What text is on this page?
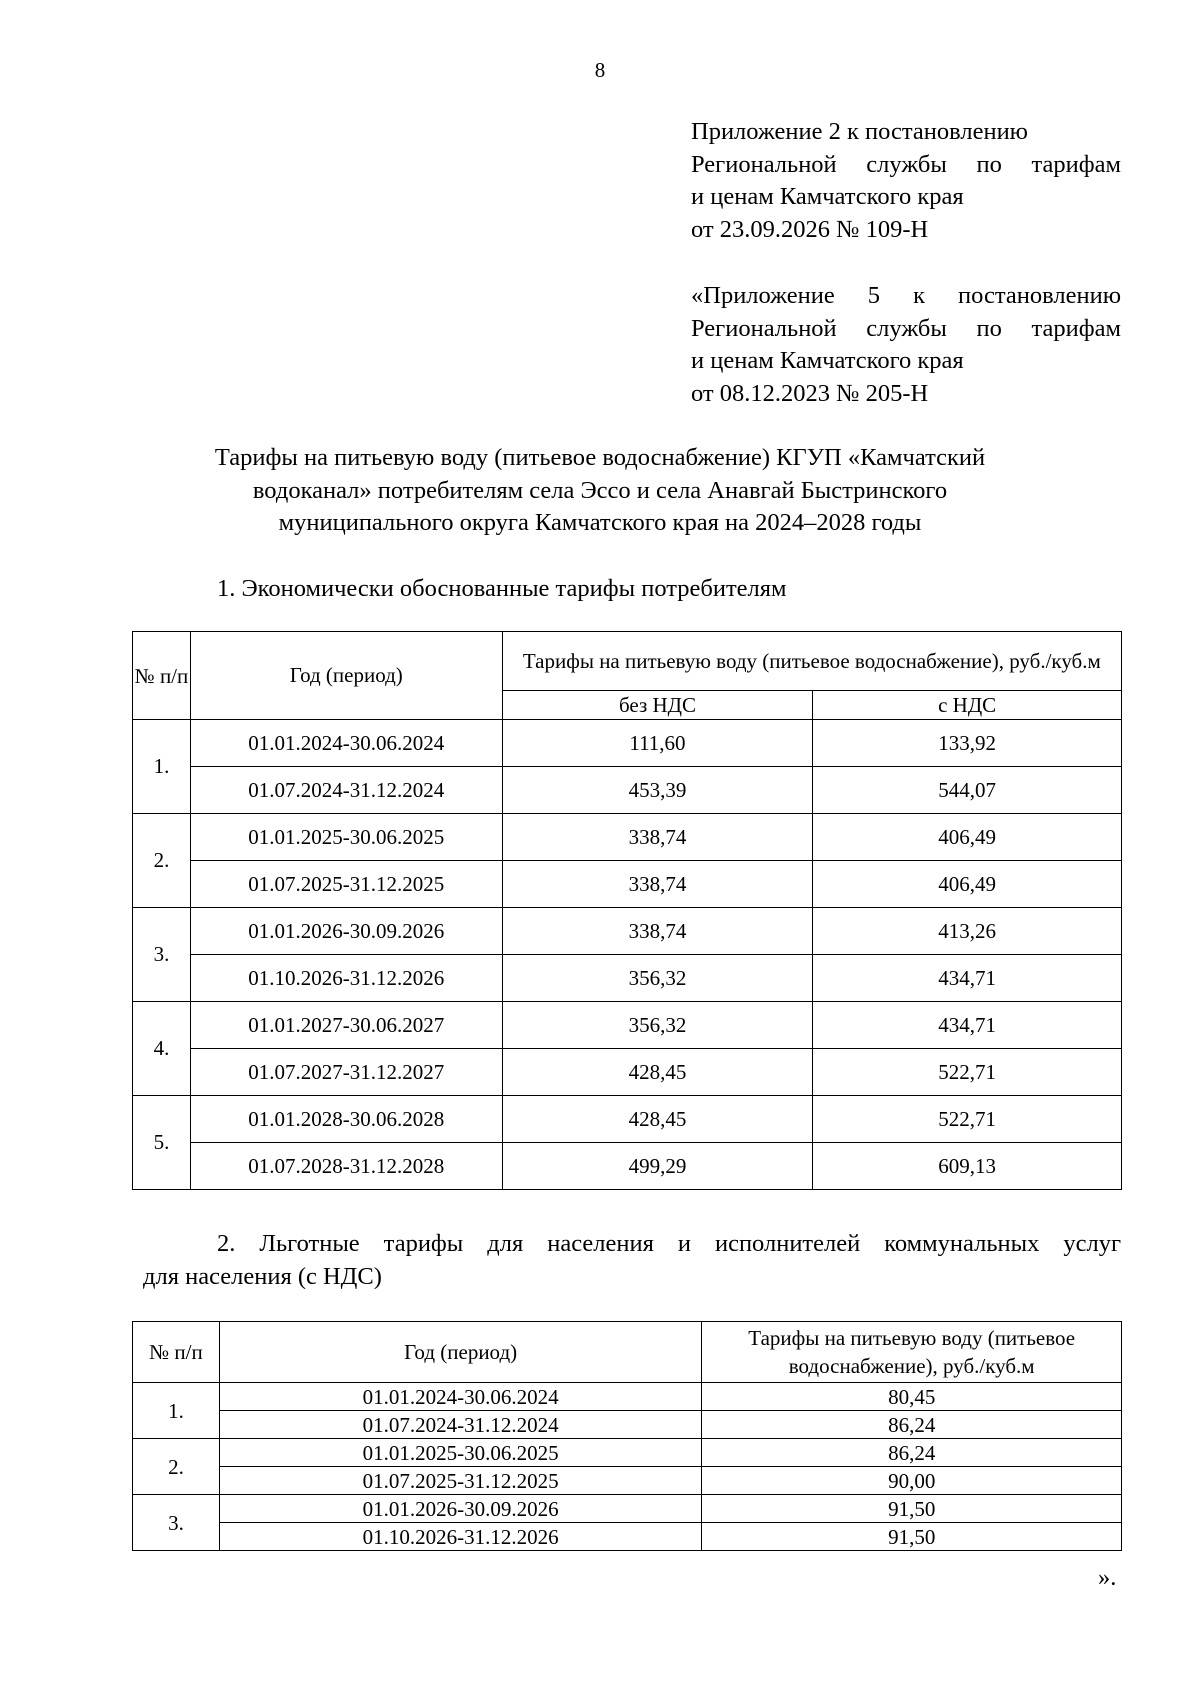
8
Приложение 2 к постановлению
Региональной службы по тарифам
и ценам Камчатского края
от 23.09.2026 № 109-Н
«Приложение 5 к постановлению
Региональной службы по тарифам
и ценам Камчатского края
от 08.12.2023 № 205-Н
Тарифы на питьевую воду (питьевое водоснабжение) КГУП «Камчатский
водоканал» потребителям села Эссо и села Анавгай Быстринского
муниципального округа Камчатского края на 2024–2028 годы
1. Экономически обоснованные тарифы потребителям
№ п/п	Год (период)	Тарифы на питьевую воду (питьевое водоснабжение), руб./куб.м	
		без НДС	с НДС
1.	01.01.2024-30.06.2024	111,60	133,92
	01.07.2024-31.12.2024	453,39	544,07
2.	01.01.2025-30.06.2025	338,74	406,49
	01.07.2025-31.12.2025	338,74	406,49
3.	01.01.2026-30.09.2026	338,74	413,26
	01.10.2026-31.12.2026	356,32	434,71
4.	01.01.2027-30.06.2027	356,32	434,71
	01.07.2027-31.12.2027	428,45	522,71
5.	01.01.2028-30.06.2028	428,45	522,71
	01.07.2028-31.12.2028	499,29	609,13
2. Льготные тарифы для населения и исполнителей коммунальных услуг
для населения (с НДС)
№ п/п	Год (период)	Тарифы на питьевую воду (питьевое
водоснабжение), руб./куб.м
1.	01.01.2024-30.06.2024	80,45
	01.07.2024-31.12.2024	86,24
2.	01.01.2025-30.06.2025	86,24
	01.07.2025-31.12.2025	90,00
3.	01.01.2026-30.09.2026	91,50
	01.10.2026-31.12.2026	91,50
».
